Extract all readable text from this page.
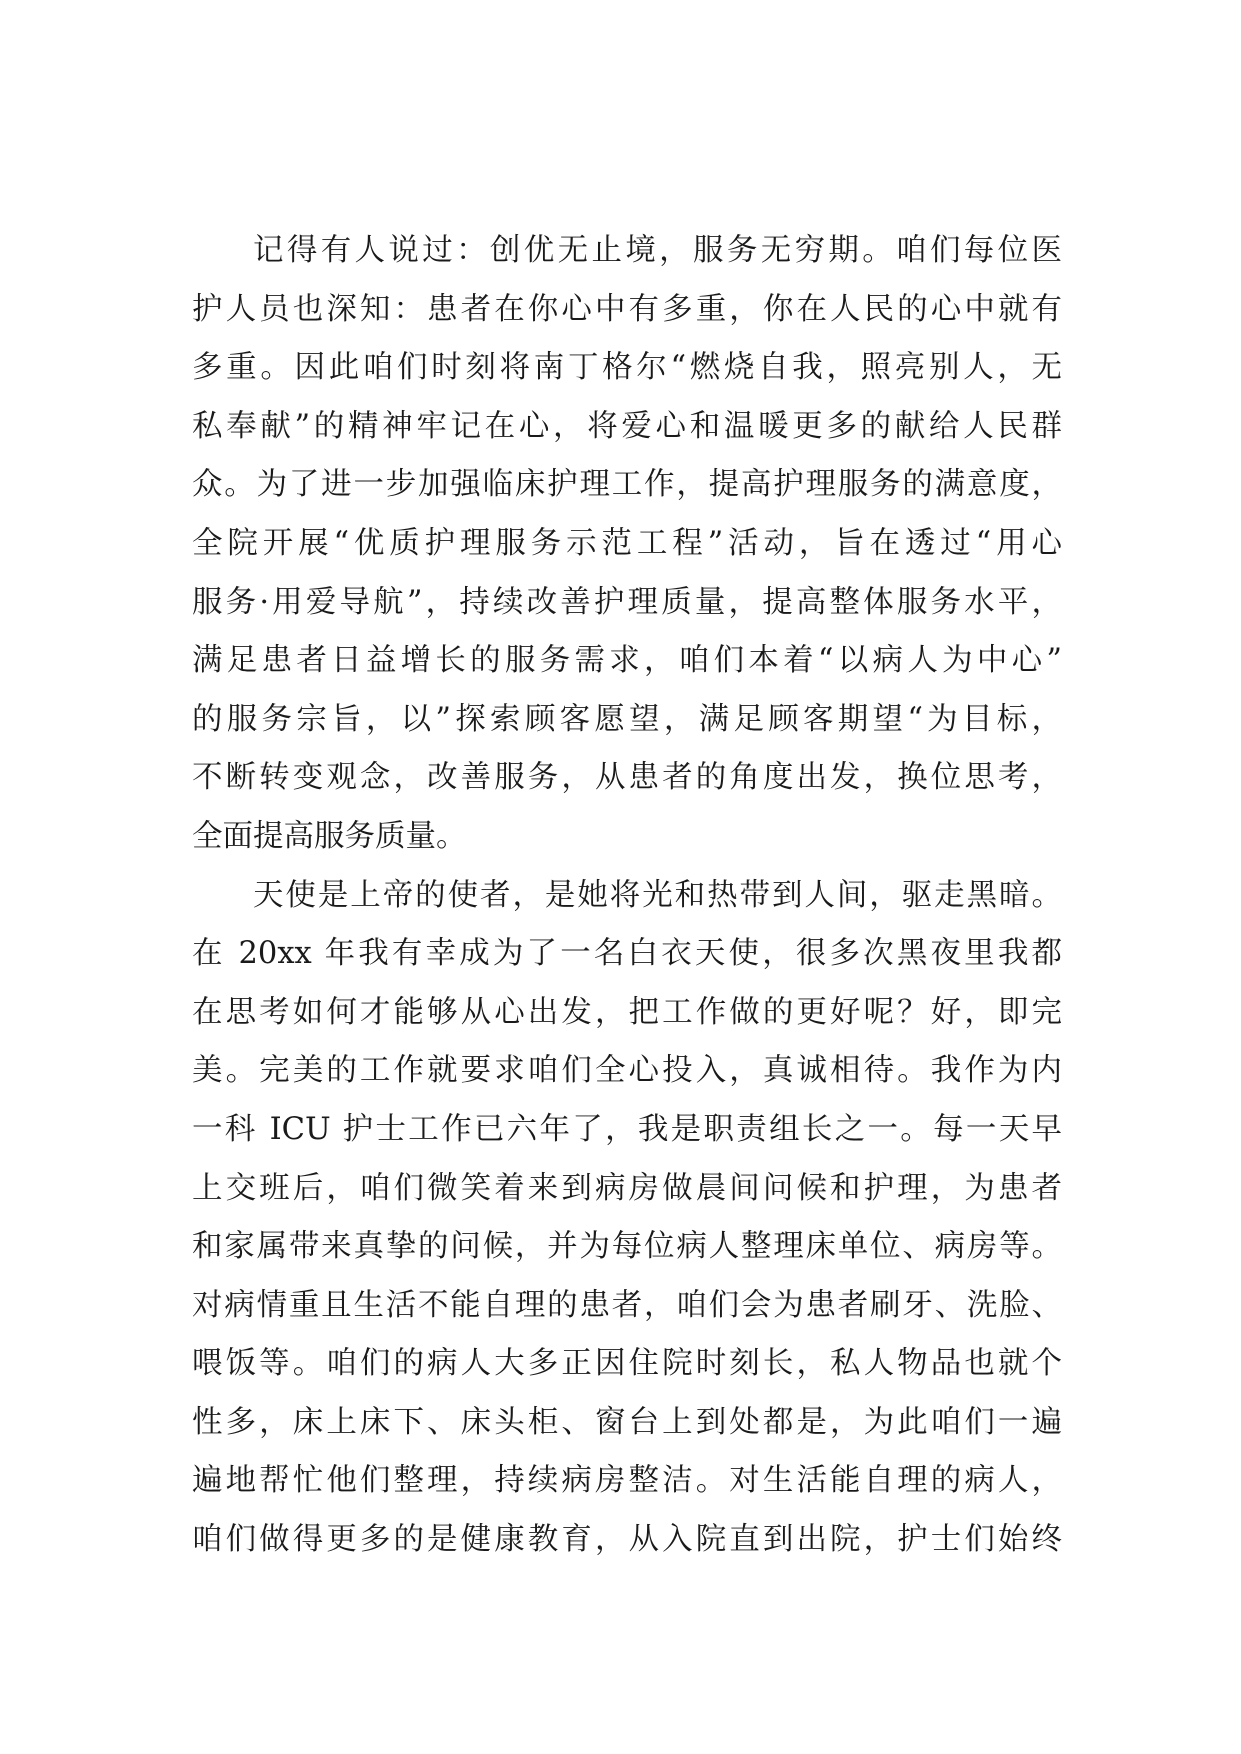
记得有人说过：创优无止境，服务无穷期。咱们每位医
护人员也深知：患者在你心中有多重，你在人民的心中就有
多重。因此咱们时刻将南丁格尔“燃烧自我，照亮别人，无
私奉献”的精神牢记在心，将爱心和温暖更多的献给人民群
众。为了进一步加强临床护理工作，提高护理服务的满意度，
全院开展“优质护理服务示范工程”活动，旨在透过“用心
服务·用爱导航”，持续改善护理质量，提高整体服务水平，
满足患者日益增长的服务需求，咱们本着“以病人为中心”
的服务宗旨，以”探索顾客愿望，满足顾客期望“为目标，
不断转变观念，改善服务，从患者的角度出发，换位思考，
全面提高服务质量。
天使是上帝的使者，是她将光和热带到人间，驱走黑暗。
在 20xx 年我有幸成为了一名白衣天使，很多次黑夜里我都
在思考如何才能够从心出发，把工作做的更好呢？好，即完
美。完美的工作就要求咱们全心投入，真诚相待。我作为内
一科 ICU 护士工作已六年了，我是职责组长之一。每一天早
上交班后，咱们微笑着来到病房做晨间问候和护理，为患者
和家属带来真挚的问候，并为每位病人整理床单位、病房等。
对病情重且生活不能自理的患者，咱们会为患者刷牙、洗脸、
喂饭等。咱们的病人大多正因住院时刻长，私人物品也就个
性多，床上床下、床头柜、窗台上到处都是，为此咱们一遍
遍地帮忙他们整理，持续病房整洁。对生活能自理的病人，
咱们做得更多的是健康教育，从入院直到出院，护士们始终
